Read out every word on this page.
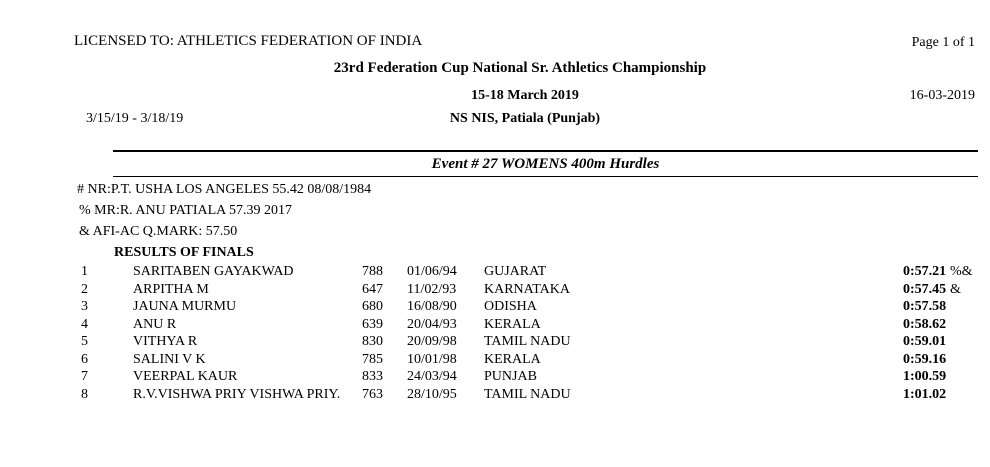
LICENSED TO: ATHLETICS FEDERATION OF INDIA	Page 1 of 1
23rd Federation Cup National Sr. Athletics Championship
15-18 March 2019	16-03-2019
3/15/19 - 3/18/19	NS NIS, Patiala (Punjab)
Event # 27 WOMENS 400m Hurdles
# NR:P.T. USHA LOS ANGELES 55.42 08/08/1984
% MR:R. ANU PATIALA 57.39 2017
& AFI-AC Q.MARK: 57.50
RESULTS OF FINALS
1	SARITABEN GAYAKWAD	788 01/06/94 GUJARAT	0:57.21 %&
2	ARPITHA M	647 11/02/93 KARNATAKA	0:57.45 &
3	JAUNA MURMU	680 16/08/90 ODISHA	0:57.58
4	ANU R	639 20/04/93 KERALA	0:58.62
5	VITHYA R	830 20/09/98 TAMIL NADU	0:59.01
6	SALINI V K	785 10/01/98 KERALA	0:59.16
7	VEERPAL KAUR	833 24/03/94 PUNJAB	1:00.59
8	R.V.VISHWA PRIY VISHWA PRIY.	763 28/10/95 TAMIL NADU	1:01.02
